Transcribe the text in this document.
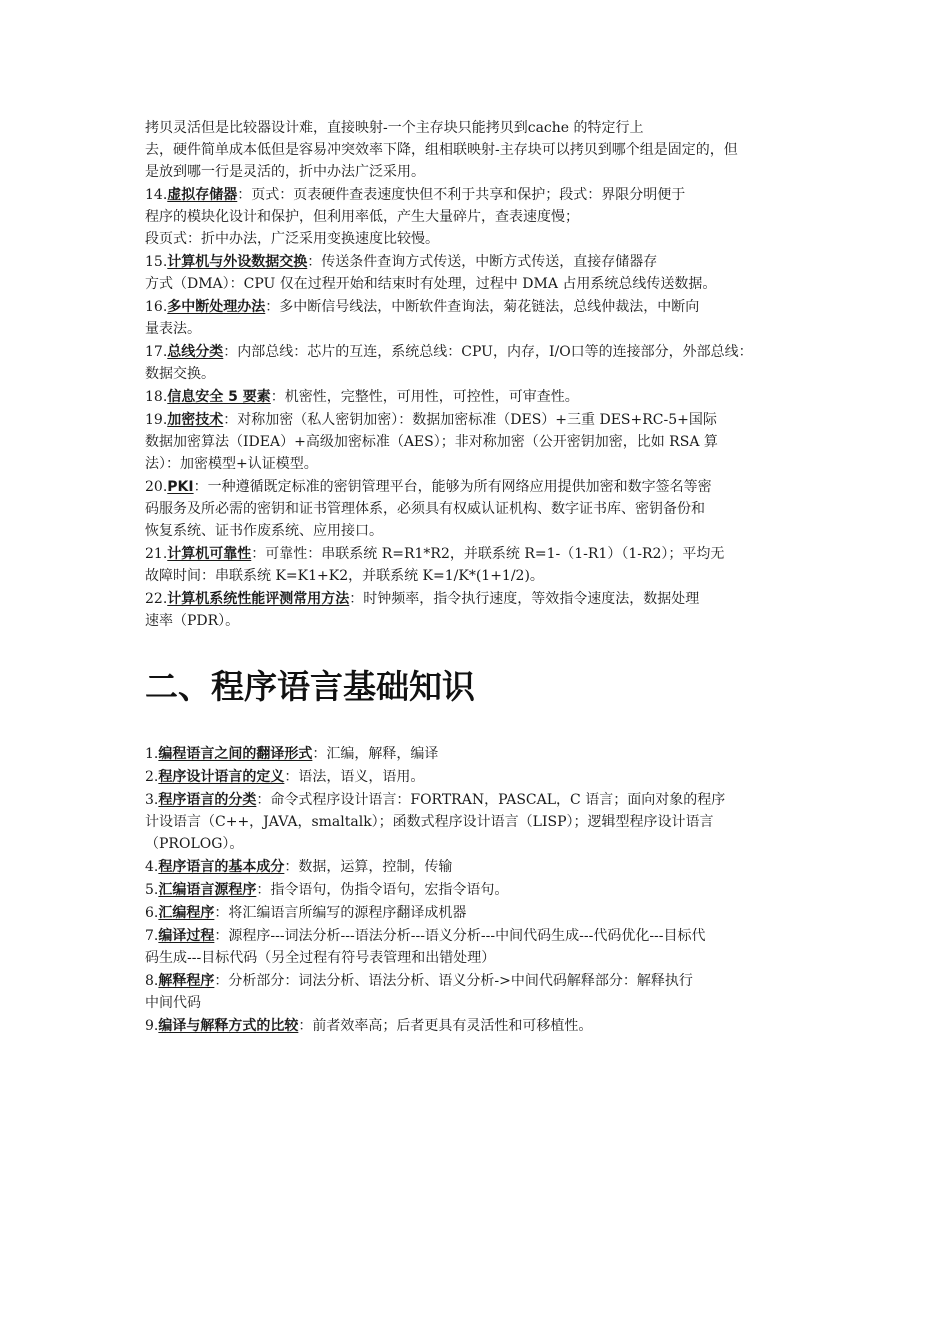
拷贝灵活但是比较器设计难，直接映射-一个主存块只能拷贝到cache 的特定行上
去，硬件简单成本低但是容易冲突效率下降，组相联映射-主存块可以拷贝到哪个组是固定的，但
是放到哪一行是灵活的，折中办法广泛采用。
14.虚拟存储器：页式：页表硬件查表速度快但不利于共享和保护；段式：界限分明便于
程序的模块化设计和保护，但利用率低，产生大量碎片，查表速度慢；
段页式：折中办法，广泛采用变换速度比较慢。
15.计算机与外设数据交换：传送条件查询方式传送，中断方式传送，直接存储器存
方式（DMA）：CPU 仅在过程开始和结束时有处理，过程中 DMA 占用系统总线传送数据。
16.多中断处理办法：多中断信号线法，中断软件查询法，菊花链法，总线仲裁法，中断向
量表法。
17.总线分类：内部总线：芯片的互连，系统总线：CPU，内存，I/O口等的连接部分，外部总线：
数据交换。
18.信息安全 5 要素：机密性，完整性，可用性，可控性，可审查性。
19.加密技术：对称加密（私人密钥加密）：数据加密标准（DES）+三重 DES+RC-5+国际
数据加密算法（IDEA）+高级加密标准（AES）；非对称加密（公开密钥加密，比如 RSA 算
法）：加密模型+认证模型。
20.PKI：一种遵循既定标准的密钥管理平台，能够为所有网络应用提供加密和数字签名等密
码服务及所必需的密钥和证书管理体系，必须具有权威认证机构、数字证书库、密钥备份和
恢复系统、证书作废系统、应用接口。
21.计算机可靠性：可靠性：串联系统 R=R1*R2，并联系统 R=1-（1-R1）（1-R2）；平均无
故障时间：串联系统 K=K1+K2，并联系统 K=1/K*(1+1/2)。
22.计算机系统性能评测常用方法：时钟频率，指令执行速度，等效指令速度法，数据处理
速率（PDR）。
二、程序语言基础知识
1.编程语言之间的翻译形式：汇编，解释，编译
2.程序设计语言的定义：语法，语义，语用。
3.程序语言的分类：命令式程序设计语言：FORTRAN，PASCAL，C 语言；面向对象的程序
计设语言（C++，JAVA，smaltalk）；函数式程序设计语言（LISP）；逻辑型程序设计语言
（PROLOG）。
4.程序语言的基本成分：数据，运算，控制，传输
5.汇编语言源程序：指令语句，伪指令语句，宏指令语句。
6.汇编程序：将汇编语言所编写的源程序翻译成机器
7.编译过程：源程序---词法分析---语法分析---语义分析---中间代码生成---代码优化---目标代
码生成---目标代码（另全过程有符号表管理和出错处理）
8.解释程序：分析部分：词法分析、语法分析、语义分析->中间代码解释部分：解释执行
中间代码
9.编译与解释方式的比较：前者效率高；后者更具有灵活性和可移植性。
